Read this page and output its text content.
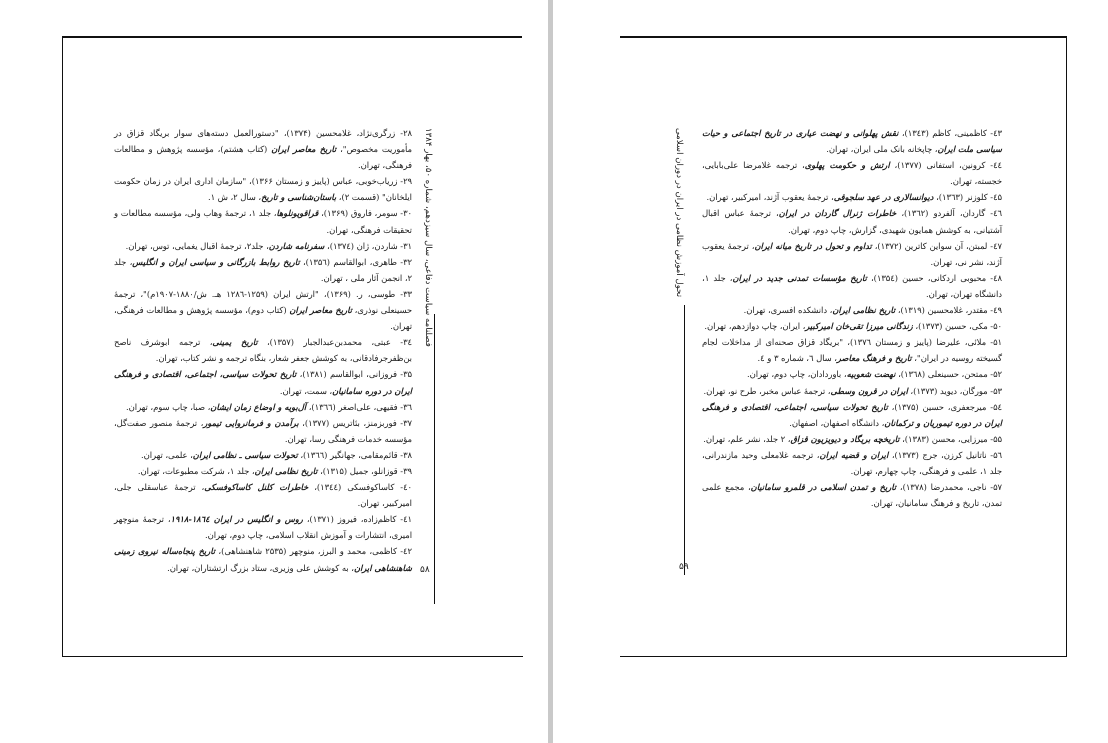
۲۸- زرگری‌نژاد، غلامحسین (۱۳۷۴)، "دستورالعمل دسته‌های سوار بریگاد قزاق در مأموریت مخصوص"، تاریخ معاصر ایران (کتاب هشتم)، مؤسسه پژوهش و مطالعات فرهنگی، تهران.

۲۹- زریاب‌خوبی، عباس (پاییز و زمستان ۱۳۶۶)، "سازمان اداری ایران در زمان حکومت ایلخانان" (قسمت ۲)، باستان‌شناسی و تاریخ، سال ۲، ش ۱.

۳۰- سومر، فاروق (۱۳۶۹)، قراقویونلوها، جلد ۱، ترجمهٔ وهاب ولی، مؤسسه مطالعات و تحقیقات فرهنگی، تهران.

۳۱- شاردن، ژان (۱۳۷٤)، سفرنامه شاردن، جلد۲، ترجمهٔ اقبال یغمایی، توس، تهران.

۳۲- طاهری، ابوالقاسم (۱۳۵٦)، تاریخ روابط بازرگانی و سیاسی ایران و انگلیس، جلد ۲، انجمن آثار ملی ، تهران.

۳۳- طوسی، ر. (۱۳۶۹)، "ارتش ایران (۱۲۵۹-۱۲۸٦ هـ. ش/۱۸۸۰-۱۹۰۷م)"، ترجمهٔ حسینعلی نوذری، تاریخ معاصر ایران (کتاب دوم)، مؤسسه پژوهش و مطالعات فرهنگی، تهران.

۳٤- عبتی، محمدبن‌عبدالجبار (۱۳۵۷)، تاریخ یمینی، ترجمه ابوشرف ناصح بن‌ظفرجرفادقانی، به کوشش جعفر شعار، بنگاه ترجمه و نشر کتاب، تهران.

۳۵- فروزانی، ابوالقاسم (۱۳۸۱)، تاریخ تحولات سیاسی، اجتماعی، اقتصادی و فرهنگی ایران در دوره سامانیان، سمت، تهران.

۳٦- فقیهی، علی‌اصغر (۱۳٦٦)، آل‌بویه و اوضاع زمان ایشان، صبا، چاپ سوم، تهران.

۳۷- فوربزمنز، بئاتریس (۱۳۷۷)، برآمدن و فرمانروایی تیمور، ترجمهٔ منصور صفت‌گل، مؤسسه خدمات فرهنگی رسا، تهران.

۳۸- قائم‌مقامی، جهانگیر (۱۳٦٦)، تحولات سیاسی ـ نظامی ایران، علمی، تهران.

۳۹- قوزانلو، جمیل (۱۳۱۵)، تاریخ نظامی ایران، جلد ۱، شرکت مطبوعات، تهران.

٤۰- کاساکوفسکی (۱۳٤٤)، خاطرات کلنل کاساکوفسکی، ترجمهٔ عباسقلی جلی، امیرکبیر، تهران.

٤۱- کاظم‌زاده، فیروز (۱۳۷۱)، روس و انگلیس در ایران ۱۸٦٤-۱۹۱۸، ترجمهٔ منوچهر امیری، انتشارات و آموزش انقلاب اسلامی، چاپ دوم، تهران.

٤۲- کاظمی، محمد و البرز، منوچهر (۲۵۳۵ شاهنشاهی)، تاریخ پنجاه‌ساله نیروی زمینی شاهنشاهی ایران، به کوشش علی وزیری، ستاد بزرگ ارتشتاران، تهران.

فصلنامه سیاست دفاعی، سال سیزدهم، شماره ۵۰، بهار ۱۳۸۴
۵۸

٤۳- کاظمینی، کاظم (۱۳٤۳)، نقش پهلوانی و نهضت عیاری در تاریخ اجتماعی و حیات سیاسی ملت ایران، چاپخانه بانک ملی ایران، تهران.

٤٤- کرونین، استفانی (۱۳۷۷)، ارتش و حکومت پهلوی، ترجمه غلامرضا علی‌بابایی، خجسته، تهران.

٤۵- کلوزنر (۱۳٦۳)، دیوانسالاری در عهد سلجوقی، ترجمهٔ یعقوب آژند، امیرکبیر، تهران.

٤٦- گاردان، آلفردو (۱۳٦۲)، خاطرات ژنرال گاردان در ایران، ترجمهٔ عباس اقبال آشتیانی، به کوشش همایون شهیدی، گزارش، چاپ دوم، تهران.

٤۷- لمبتن، آن سواین کاترین (۱۳۷۲)، تداوم و تحول در تاریخ میانه ایران، ترجمهٔ یعقوب آژند، نشر نی، تهران.

٤۸- محبوبی اردکانی، حسین (۱۳۵٤)، تاریخ مؤسسات تمدنی جدید در ایران، جلد ۱، دانشگاه تهران، تهران.

٤۹- مقتدر، غلامحسین (۱۳۱۹)، تاریخ نظامی ایران، دانشکده افسری، تهران.

۵۰- مکی، حسین (۱۳۷۳)، زندگانی میرزا تقی‌خان امیرکبیر، ایران، چاپ دوازدهم، تهران.

۵۱- ملائی، علیرضا (پاییز و زمستان ۱۳۷٦)، "بریگاد قزاق صحنه‌ای از مداخلات لجام گسیخته روسیه در ایران"، تاریخ و فرهنگ معاصر، سال ٦، شماره ۳ و ٤.

۵۲- ممتحن، حسینعلی (۱۳٦۸)، نهضت شعوبیه، باوردادان، چاپ دوم، تهران.

۵۳- مورگان، دیوید (۱۳۷۳)، ایران در قرون وسطی، ترجمهٔ عباس مخبر، طرح نو، تهران.

۵٤- میرجعفری، حسین (۱۳۷۵)، تاریخ تحولات سیاسی، اجتماعی، اقتصادی و فرهنگی ایران در دوره تیموریان و ترکمانان، دانشگاه اصفهان، اصفهان.

۵۵- میرزایی، محسن (۱۳۸۳)، تاریخچه بریگاد و دیویزیون قزاق، ۲ جلد، نشر علم، تهران.

۵٦- ناتانیل کرزن، جرج (۱۳۷۳)، ایران و قضیه ایران، ترجمه غلامعلی وحید مازندرانی، جلد ۱، علمی و فرهنگی، چاپ چهارم، تهران.

۵۷- ناجی، محمدرضا (۱۳۷۸)، تاریخ و تمدن اسلامی در قلمرو سامانیان، مجمع علمی تمدن، تاریخ و فرهنگ سامانیان، تهران.

تحول آموزش نظامی در ایران در دوران اسلامی
۵۹
